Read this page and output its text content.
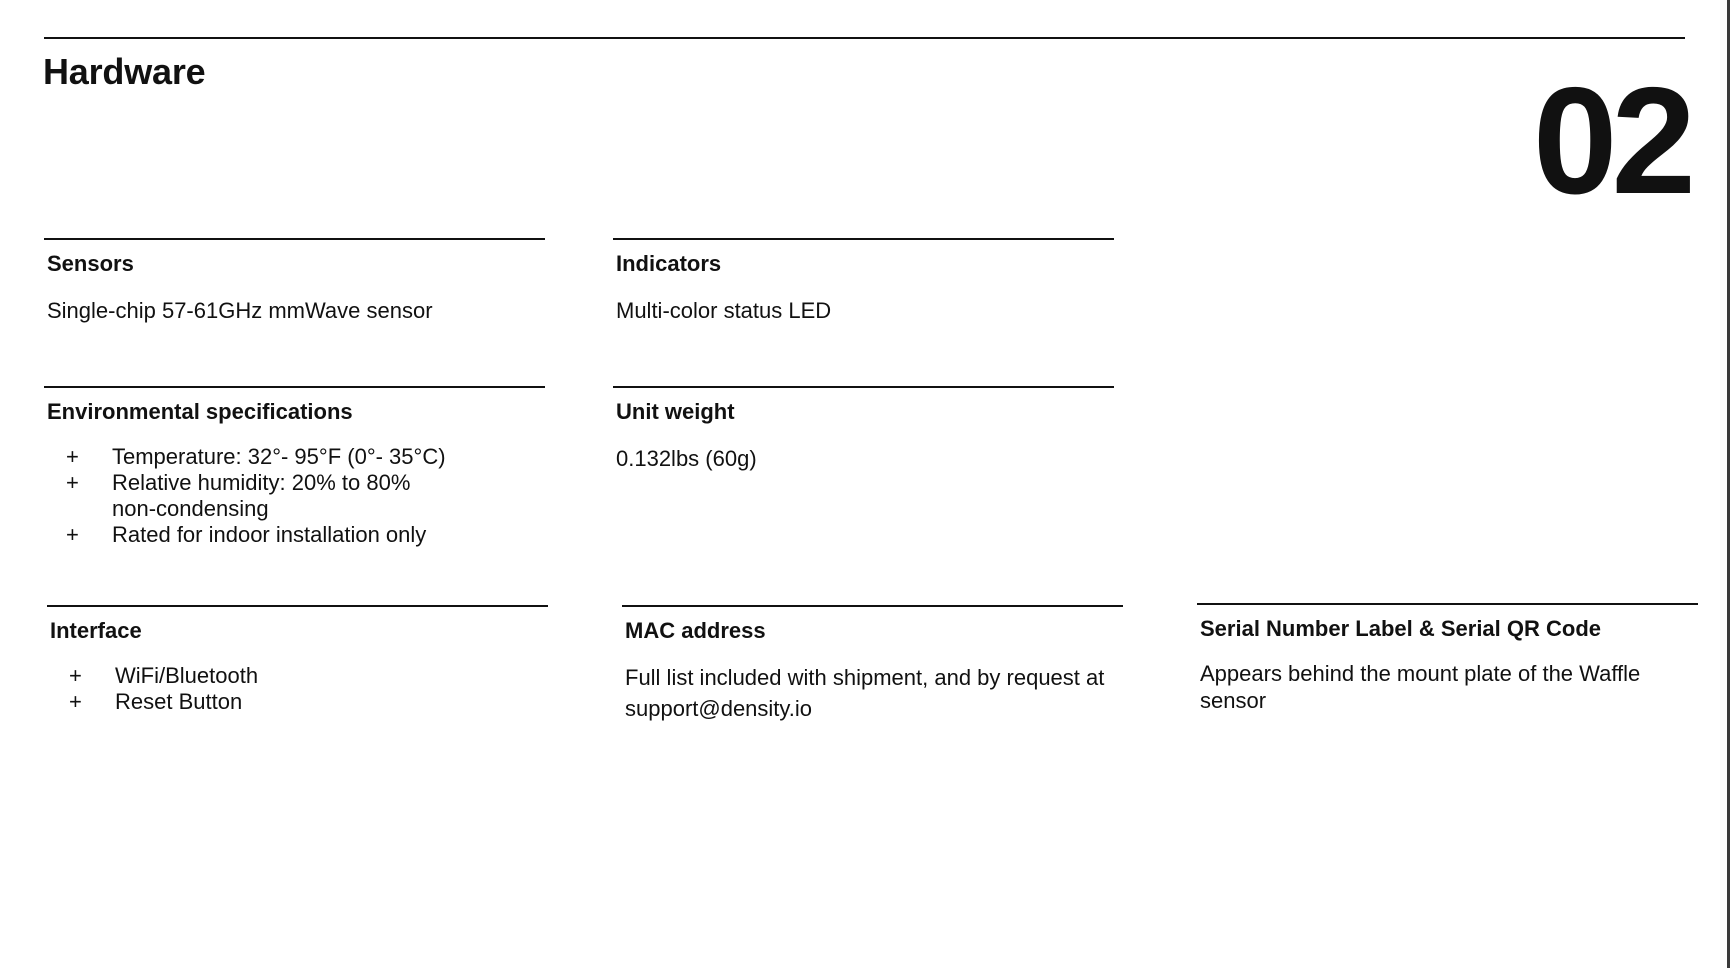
Hardware	02
Sensors

Single-chip 57-61GHz mmWave sensor

Indicators

Multi-color status LED

Environmental specifications
+	Temperature: 32°- 95°F (0°- 35°C)
+	Relative humidity: 20% to 80% non-condensing
+	Rated for indoor installation only
Unit weight

0.132lbs (60g)

Interface
+	WiFi/Bluetooth
+	Reset Button
MAC address

Full list included with shipment, and by request at support@density.io

Serial Number Label & Serial QR Code

Appears behind the mount plate of the Waffle sensor
